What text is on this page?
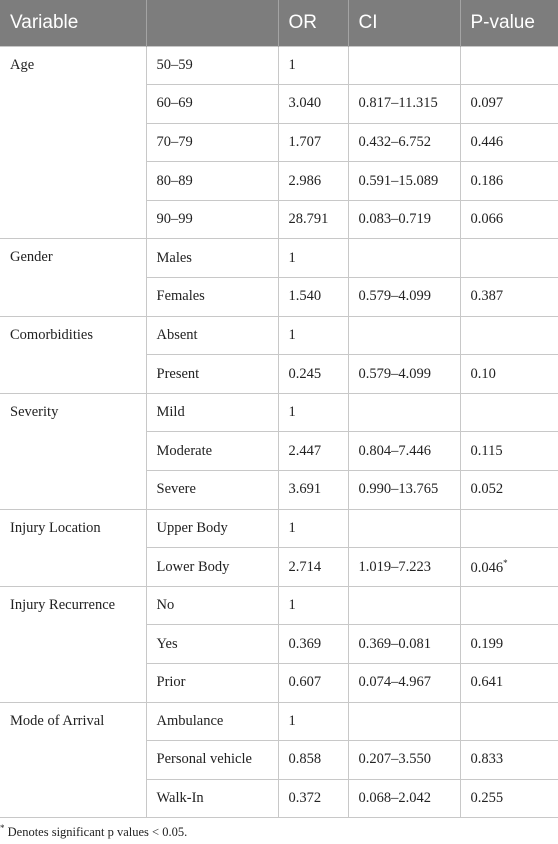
Variable		OR	CI	P-value
Age	50–59	1		
	60–69	3.040	0.817–11.315	0.097
	70–79	1.707	0.432–6.752	0.446
	80–89	2.986	0.591–15.089	0.186
	90–99	28.791	0.083–0.719	0.066
Gender	Males	1		
	Females	1.540	0.579–4.099	0.387
Comorbidities	Absent	1		
	Present	0.245	0.579–4.099	0.10
Severity	Mild	1		
	Moderate	2.447	0.804–7.446	0.115
	Severe	3.691	0.990–13.765	0.052
Injury Location	Upper Body	1		
	Lower Body	2.714	1.019–7.223	0.046*
Injury Recurrence	No	1		
	Yes	0.369	0.369–0.081	0.199
	Prior	0.607	0.074–4.967	0.641
Mode of Arrival	Ambulance	1		
	Personal vehicle	0.858	0.207–3.550	0.833
	Walk-In	0.372	0.068–2.042	0.255
* Denotes significant p values < 0.05.
